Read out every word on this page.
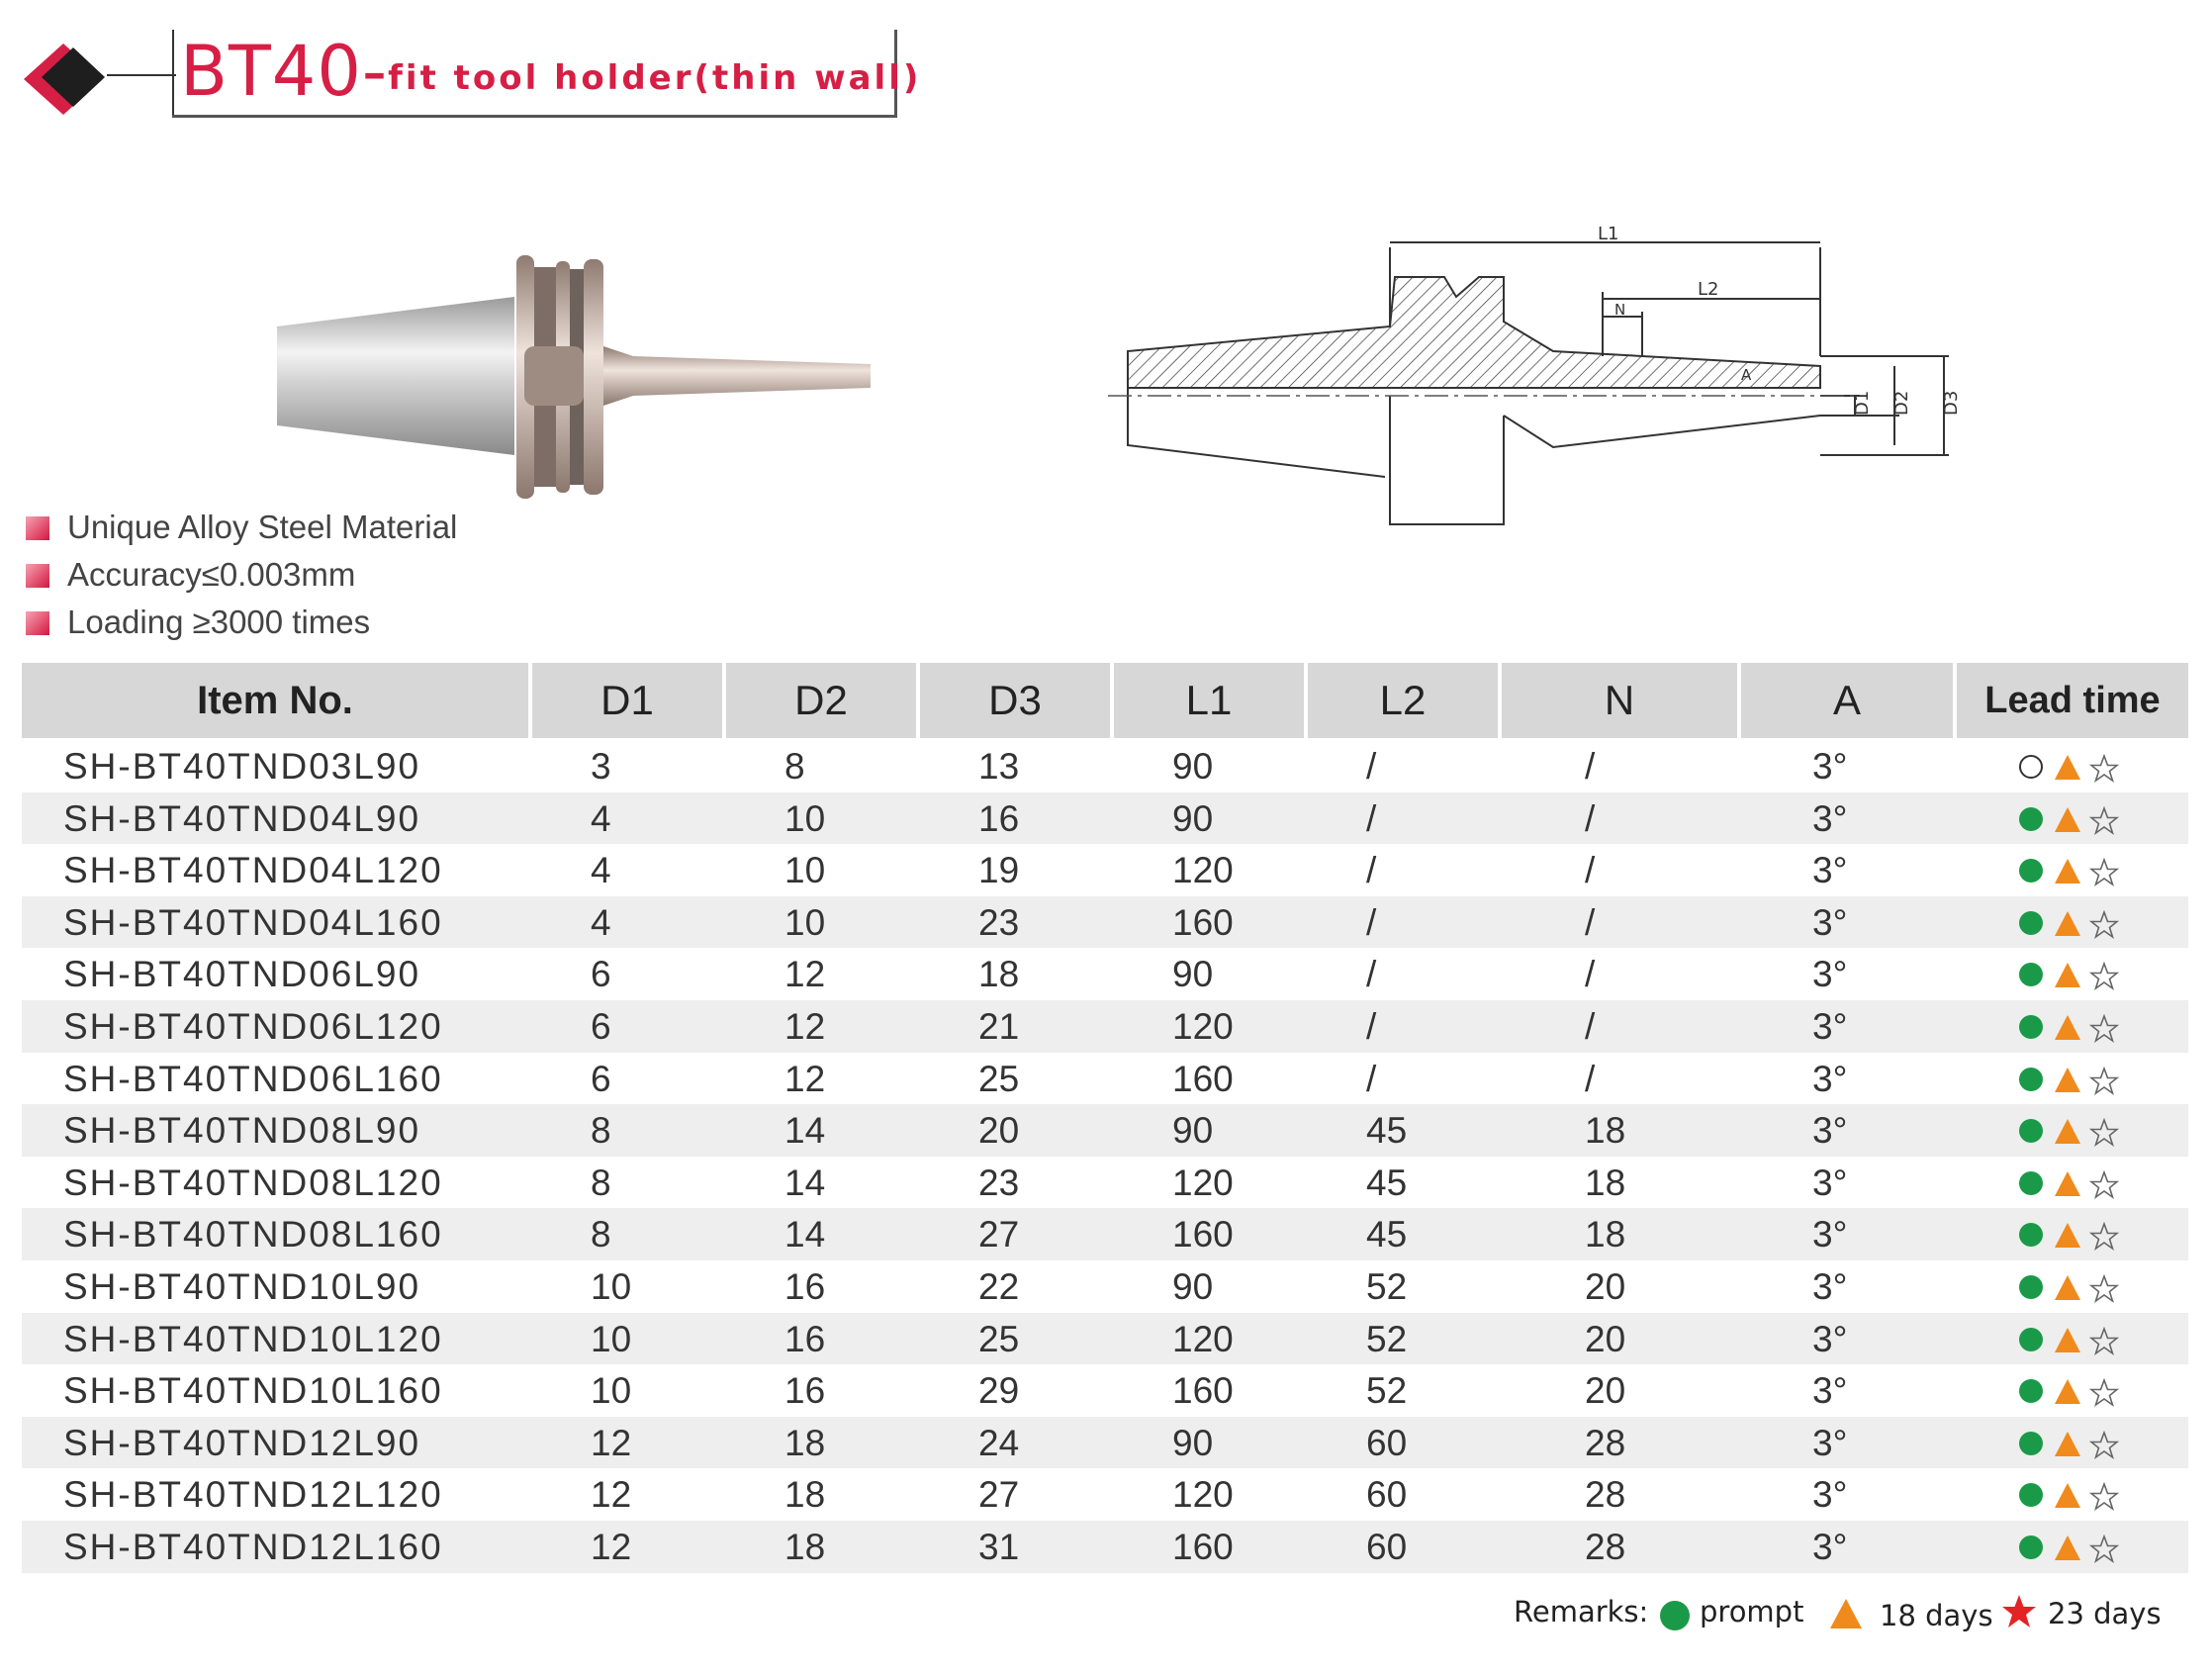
BT40-fit tool holder(thin wall)
L1
L2
N
A
D1 D2 D3
Unique Alloy Steel Material
Accuracy≤0.003mm
Loading ≥3000 times
Item No.	D1	D2	D3	L1	L2	N	A	Lead time
SH-BT40TND03L90	3	8	13	90	/	/	3°
SH-BT40TND04L90	4	10	16	90	/	/	3°
SH-BT40TND04L120	4	10	19	120	/	/	3°
SH-BT40TND04L160	4	10	23	160	/	/	3°
SH-BT40TND06L90	6	12	18	90	/	/	3°
SH-BT40TND06L120	6	12	21	120	/	/	3°
SH-BT40TND06L160	6	12	25	160	/	/	3°
SH-BT40TND08L90	8	14	20	90	45	18	3°
SH-BT40TND08L120	8	14	23	120	45	18	3°
SH-BT40TND08L160	8	14	27	160	45	18	3°
SH-BT40TND10L90	10	16	22	90	52	20	3°
SH-BT40TND10L120	10	16	25	120	52	20	3°
SH-BT40TND10L160	10	16	29	160	52	20	3°
SH-BT40TND12L90	12	18	24	90	60	28	3°
SH-BT40TND12L120	12	18	27	120	60	28	3°
SH-BT40TND12L160	12	18	31	160	60	28	3°
Remarks: prompt	18 days 23 days
